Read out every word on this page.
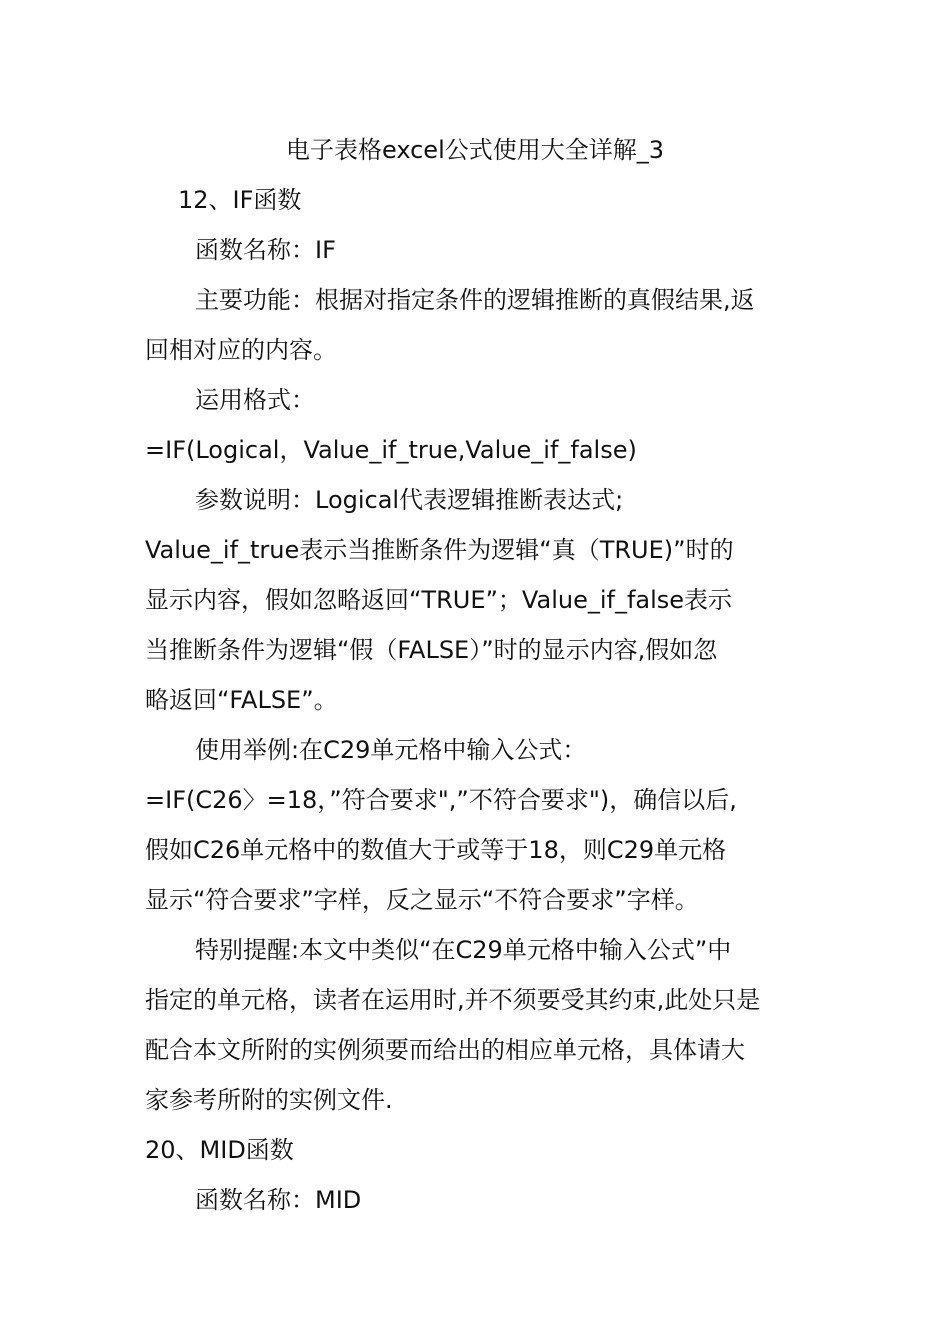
电子表格excel公式使用大全详解_3
12、IF函数
函数名称：IF
主要功能：根据对指定条件的逻辑推断的真假结果,返
回相对应的内容。
运用格式：
=IF(Logical，Value_if_true,Value_if_false)
参数说明：Logical代表逻辑推断表达式;
Value_if_true表示当推断条件为逻辑“真（TRUE)”时的
显示内容，假如忽略返回“TRUE”；Value_if_false表示
当推断条件为逻辑“假（FALSE）”时的显示内容,假如忽
略返回“FALSE”。
使用举例:在C29单元格中输入公式：
=IF(C26〉=18，”符合要求",”不符合要求")，确信以后,
假如C26单元格中的数值大于或等于18，则C29单元格
显示“符合要求”字样，反之显示“不符合要求”字样。
特别提醒:本文中类似“在C29单元格中输入公式”中
指定的单元格，读者在运用时,并不须要受其约束,此处只是
配合本文所附的实例须要而给出的相应单元格，具体请大
家参考所附的实例文件.
20、MID函数
函数名称：MID
